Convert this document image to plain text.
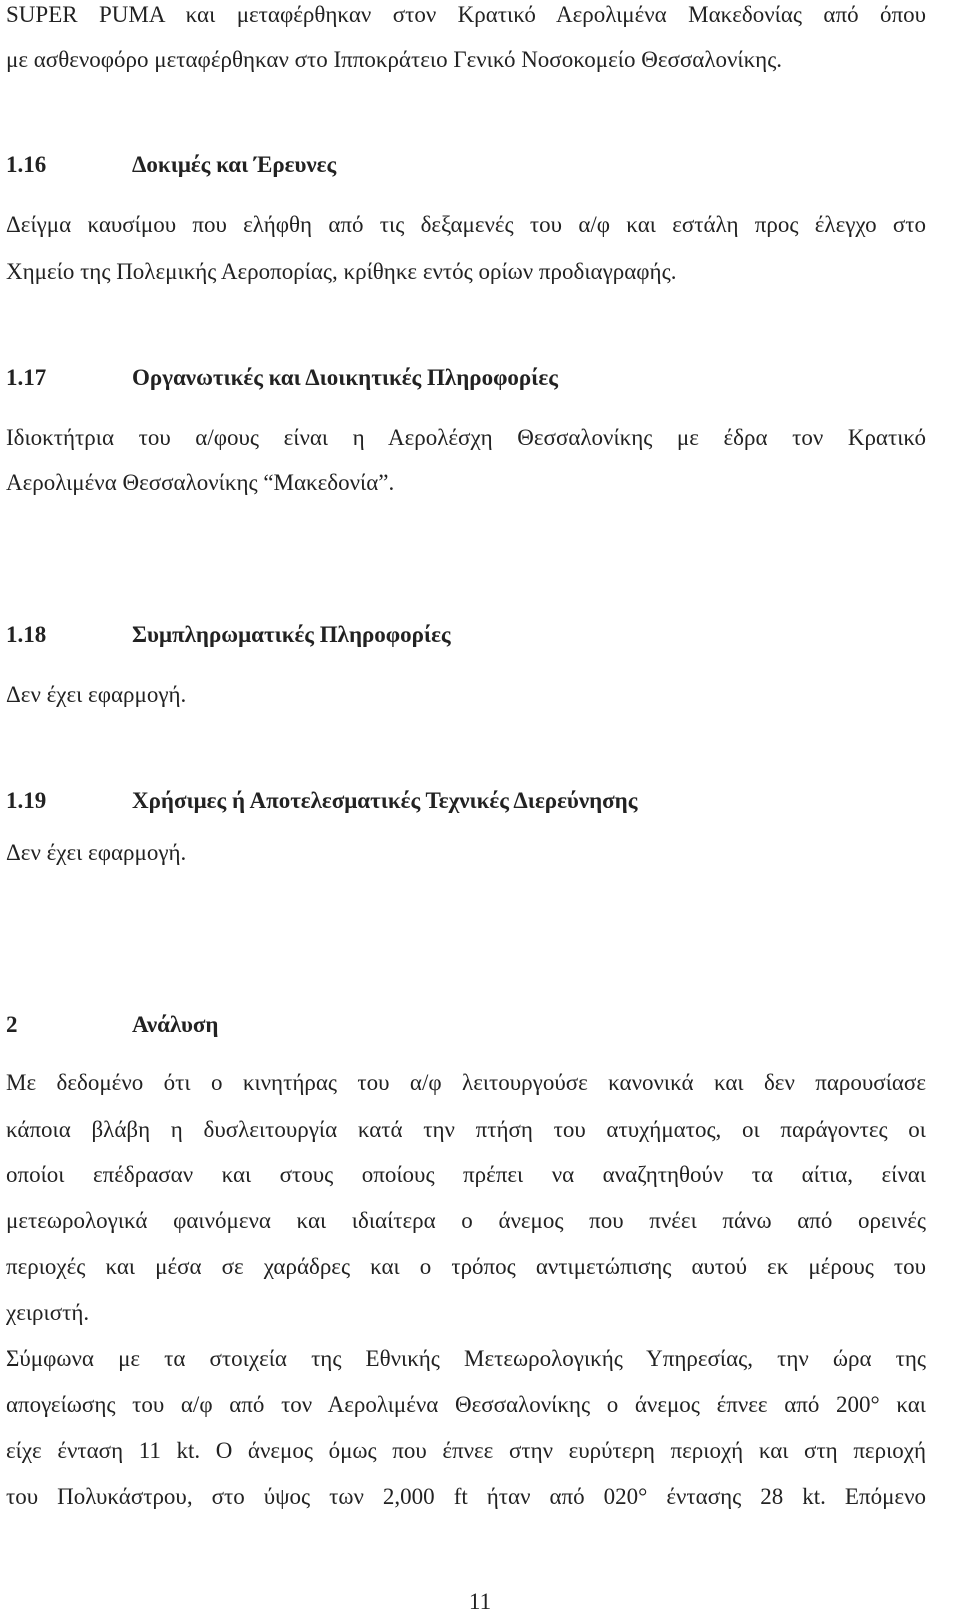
SUPER PUMA και μεταφέρθηκαν στον Κρατικό Αερολιμένα Μακεδονίας από όπου
με ασθενοφόρο μεταφέρθηκαν στο Ιπποκράτειο Γενικό Νοσοκομείο Θεσσαλονίκης.
1.16	Δοκιμές και Έρευνες
Δείγμα καυσίμου που ελήφθη από τις δεξαμενές του α/φ και εστάλη προς έλεγχο στο
Χημείο της Πολεμικής Αεροπορίας, κρίθηκε εντός ορίων προδιαγραφής.
1.17	Οργανωτικές και Διοικητικές Πληροφορίες
Ιδιοκτήτρια του α/φους είναι η Αερολέσχη Θεσσαλονίκης με έδρα τον Κρατικό
Αερολιμένα Θεσσαλονίκης “Μακεδονία”.
1.18	Συμπληρωματικές Πληροφορίες
Δεν έχει εφαρμογή.
1.19	Χρήσιμες ή Αποτελεσματικές Τεχνικές Διερεύνησης
Δεν έχει εφαρμογή.
2	Ανάλυση
Με δεδομένο ότι ο κινητήρας του α/φ λειτουργούσε κανονικά και δεν παρουσίασε
κάποια βλάβη η δυσλειτουργία κατά την πτήση του ατυχήματος, οι παράγοντες οι
οποίοι επέδρασαν και στους οποίους πρέπει να αναζητηθούν τα αίτια, είναι
μετεωρολογικά φαινόμενα και ιδιαίτερα ο άνεμος που πνέει πάνω από ορεινές
περιοχές και μέσα σε χαράδρες και ο τρόπος αντιμετώπισης αυτού εκ μέρους του
χειριστή.
Σύμφωνα με τα στοιχεία της Εθνικής Μετεωρολογικής Υπηρεσίας, την ώρα της
απογείωσης του α/φ από τον Αερολιμένα Θεσσαλονίκης ο άνεμος έπνεε από 200° και
είχε ένταση 11 kt. Ο άνεμος όμως που έπνεε στην ευρύτερη περιοχή και στη περιοχή
του Πολυκάστρου, στο ύψος των 2,000 ft ήταν από 020° έντασης 28 kt. Επόμενο
11
